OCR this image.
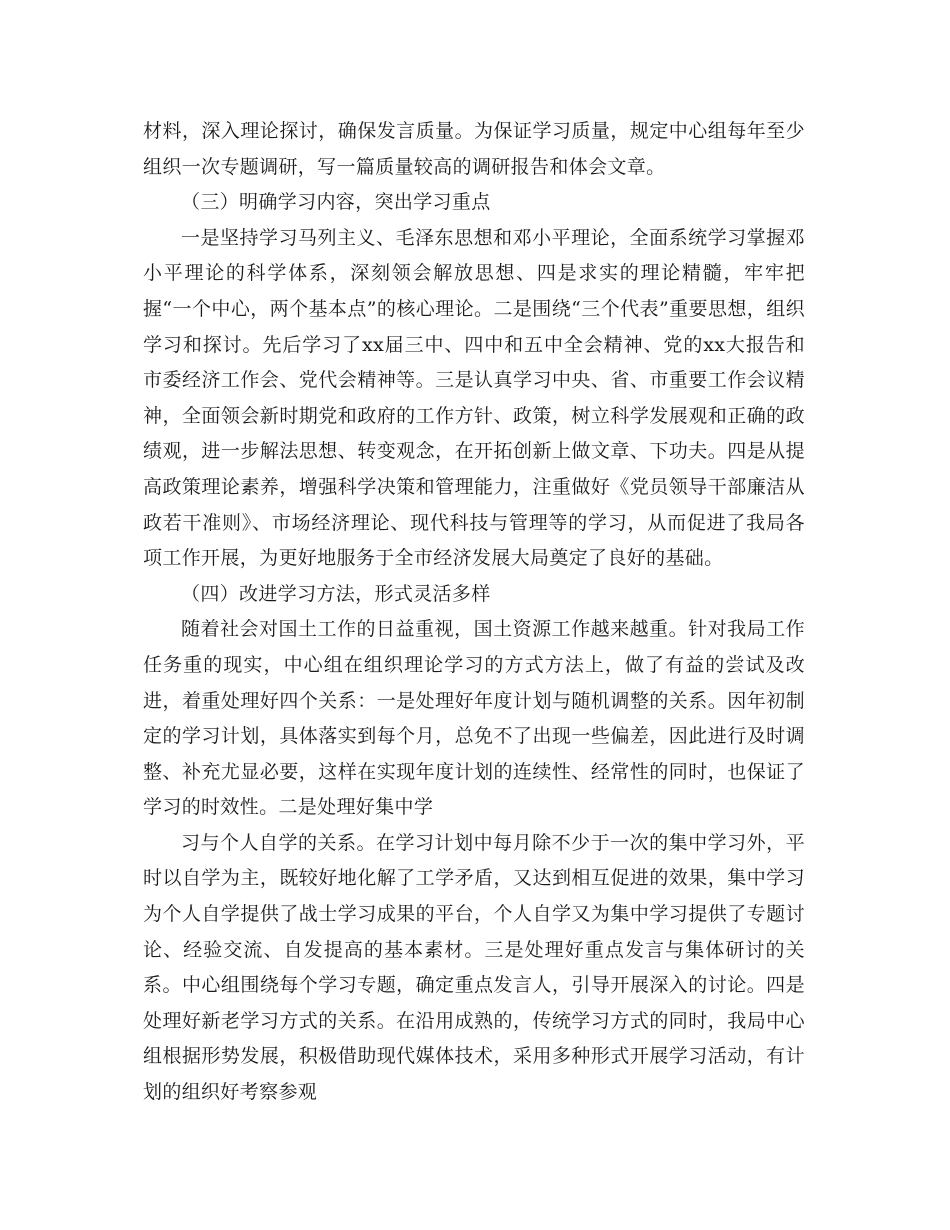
材料，深入理论探讨，确保发言质量。为保证学习质量，规定中心组每年至少组织一次专题调研，写一篇质量较高的调研报告和体会文章。

（三）明确学习内容，突出学习重点

一是坚持学习马列主义、毛泽东思想和邓小平理论，全面系统学习掌握邓小平理论的科学体系，深刻领会解放思想、四是求实的理论精髓，牢牢把握“一个中心，两个基本点”的核心理论。二是围绕“三个代表”重要思想，组织学习和探讨。先后学习了xx届三中、四中和五中全会精神、党的xx大报告和市委经济工作会、党代会精神等。三是认真学习中央、省、市重要工作会议精神，全面领会新时期党和政府的工作方针、政策，树立科学发展观和正确的政绩观，进一步解法思想、转变观念，在开拓创新上做文章、下功夫。四是从提高政策理论素养，增强科学决策和管理能力，注重做好《党员领导干部廉洁从政若干准则》、市场经济理论、现代科技与管理等的学习，从而促进了我局各项工作开展，为更好地服务于全市经济发展大局奠定了良好的基础。

（四）改进学习方法，形式灵活多样

随着社会对国土工作的日益重视，国土资源工作越来越重。针对我局工作任务重的现实，中心组在组织理论学习的方式方法上，做了有益的尝试及改进，着重处理好四个关系：一是处理好年度计划与随机调整的关系。因年初制定的学习计划，具体落实到每个月，总免不了出现一些偏差，因此进行及时调整、补充尤显必要，这样在实现年度计划的连续性、经常性的同时，也保证了学习的时效性。二是处理好集中学

习与个人自学的关系。在学习计划中每月除不少于一次的集中学习外，平时以自学为主，既较好地化解了工学矛盾，又达到相互促进的效果，集中学习为个人自学提供了战士学习成果的平台，个人自学又为集中学习提供了专题讨论、经验交流、自发提高的基本素材。三是处理好重点发言与集体研讨的关系。中心组围绕每个学习专题，确定重点发言人，引导开展深入的讨论。四是处理好新老学习方式的关系。在沿用成熟的，传统学习方式的同时，我局中心组根据形势发展，积极借助现代媒体技术，采用多种形式开展学习活动，有计划的组织好考察参观
